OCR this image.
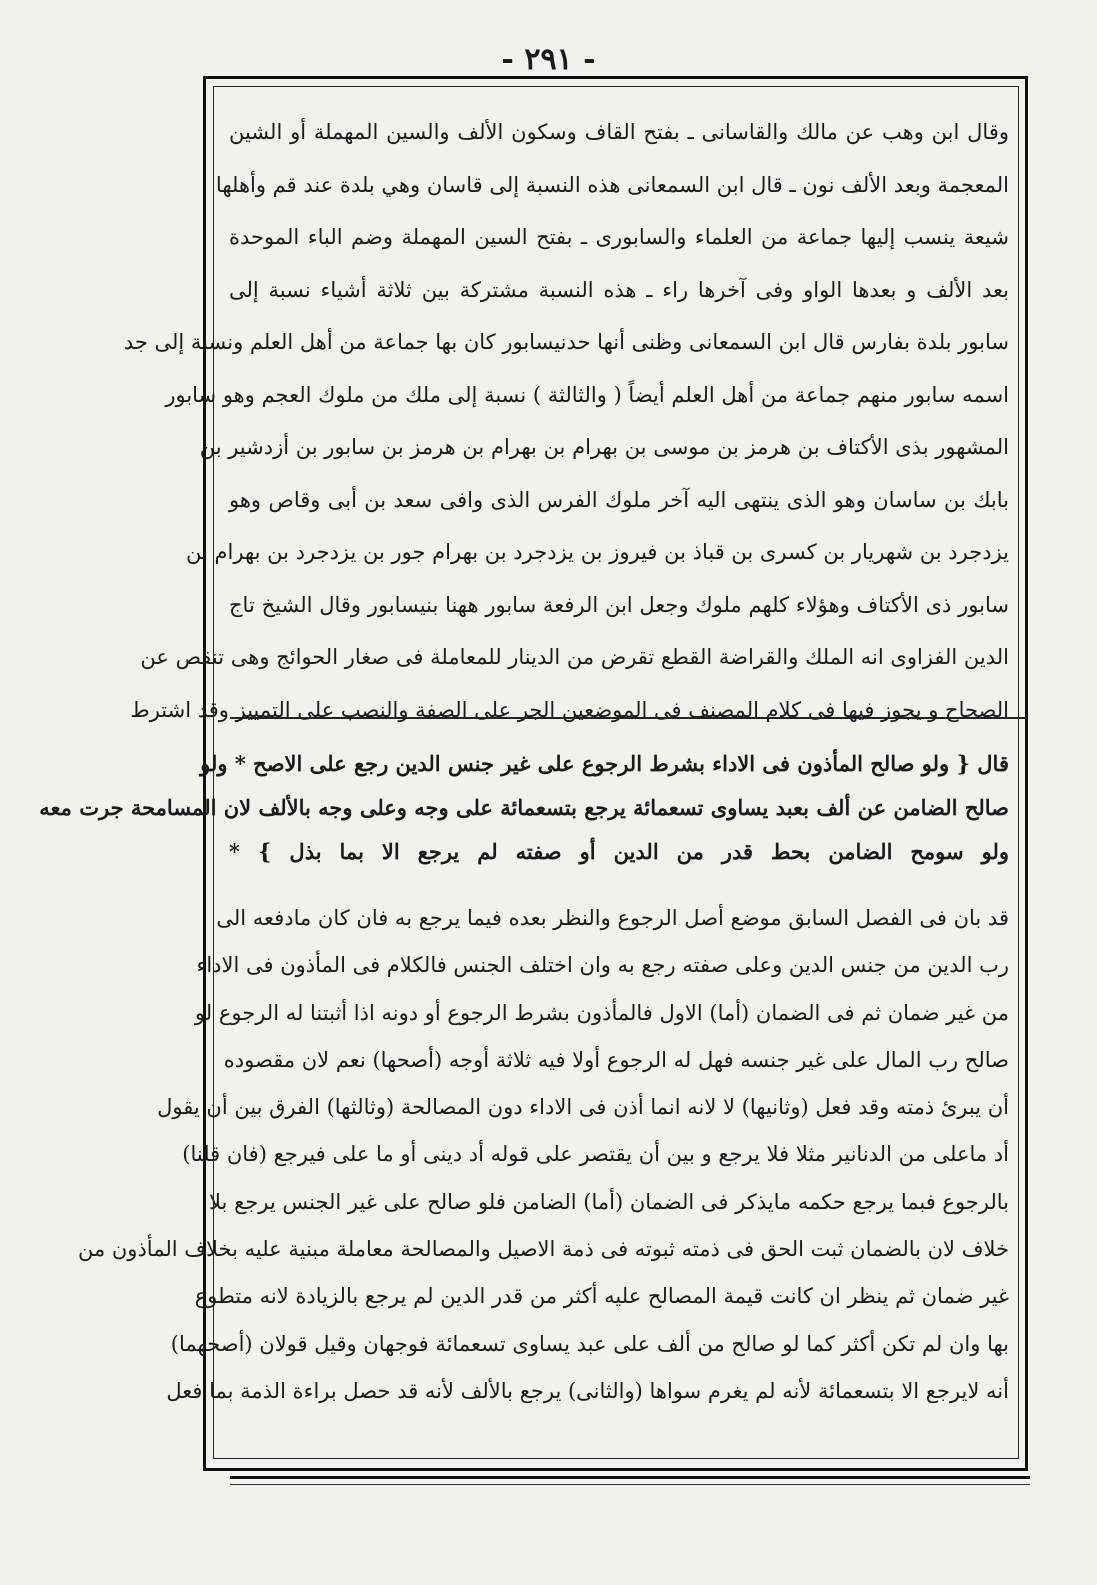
- ٢٩١ -
وقال ابن وهب عن مالك والقاسانى ـ بفتح القاف وسكون الألف والسين المهملة أو الشين
المعجمة وبعد الألف نون ـ قال ابن السمعانى هذه النسبة إلى قاسان وهي بلدة عند قم وأهلها
شيعة ينسب إليها جماعة من العلماء والسابورى ـ بفتح السين المهملة وضم الباء الموحدة
بعد الألف و بعدها الواو وفى آخرها راء ـ هذه النسبة مشتركة بين ثلاثة أشياء نسبة إلى
سابور بلدة بفارس قال ابن السمعانى وظنى أنها حدنيسابور كان بها جماعة من أهل العلم ونسبة إلى جد
اسمه سابور منهم جماعة من أهل العلم أيضاً ( والثالثة ) نسبة إلى ملك من ملوك العجم وهو سابور
المشهور بذى الأكتاف بن هرمز بن موسى بن بهرام بن بهرام بن هرمز بن سابور بن أزدشير بن
بابك بن ساسان وهو الذى ينتهى اليه آخر ملوك الفرس الذى وافى سعد بن أبى وقاص وهو
يزدجرد بن شهريار بن كسرى بن قباذ بن فيروز بن يزدجرد بن بهرام جور بن يزدجرد بن بهرام بن
سابور ذى الأكتاف وهؤلاء كلهم ملوك وجعل ابن الرفعة سابور ههنا بنيسابور وقال الشيخ تاج
الدين الفزاوى انه الملك والقراضة القطع تقرض من الدينار للمعاملة فى صغار الحوائج وهى تنقص عن
الصحاح و يجوز فيها فى كلام المصنف فى الموضعين الجر على الصفة والنصب على التمييز وقد اشترط
قال { ولو صالح المأذون فى الاداء بشرط الرجوع على غير جنس الدين رجع على الاصح * ولو
صالح الضامن عن ألف بعبد يساوى تسعمائة يرجع بتسعمائة على وجه وعلى وجه بالألف لان المسامحة جرت معه
ولو سومح الضامن بحط قدر من الدين أو صفته لم يرجع الا بما بذل } *
قد بان فى الفصل السابق موضع أصل الرجوع والنظر بعده فيما يرجع به فان كان مادفعه الى
رب الدين من جنس الدين وعلى صفته رجع به وان اختلف الجنس فالكلام فى المأذون فى الاداء
من غير ضمان ثم فى الضمان (أما) الاول فالمأذون بشرط الرجوع أو دونه اذا أثبتنا له الرجوع لو
صالح رب المال على غير جنسه فهل له الرجوع أولا فيه ثلاثة أوجه (أصحها) نعم لان مقصوده
أن يبرئ ذمته وقد فعل (وثانيها) لا لانه انما أذن فى الاداء دون المصالحة (وثالثها) الفرق بين أن يقول
أد ماعلى من الدنانير مثلا فلا يرجع و بين أن يقتصر على قوله أد دينى أو ما على فيرجع (فان قلنا)
بالرجوع فبما يرجع حكمه مايذكر فى الضمان (أما) الضامن فلو صالح على غير الجنس يرجع بلا
خلاف لان بالضمان ثبت الحق فى ذمته ثبوته فى ذمة الاصيل والمصالحة معاملة مبنية عليه بخلاف المأذون من
غير ضمان ثم ينظر ان كانت قيمة المصالح عليه أكثر من قدر الدين لم يرجع بالزيادة لانه متطوع
بها وان لم تكن أكثر كما لو صالح من ألف على عبد يساوى تسعمائة فوجهان وقيل قولان (أصحهما)
أنه لايرجع الا بتسعمائة لأنه لم يغرم سواها (والثانى) يرجع بالألف لأنه قد حصل براءة الذمة بما فعل
